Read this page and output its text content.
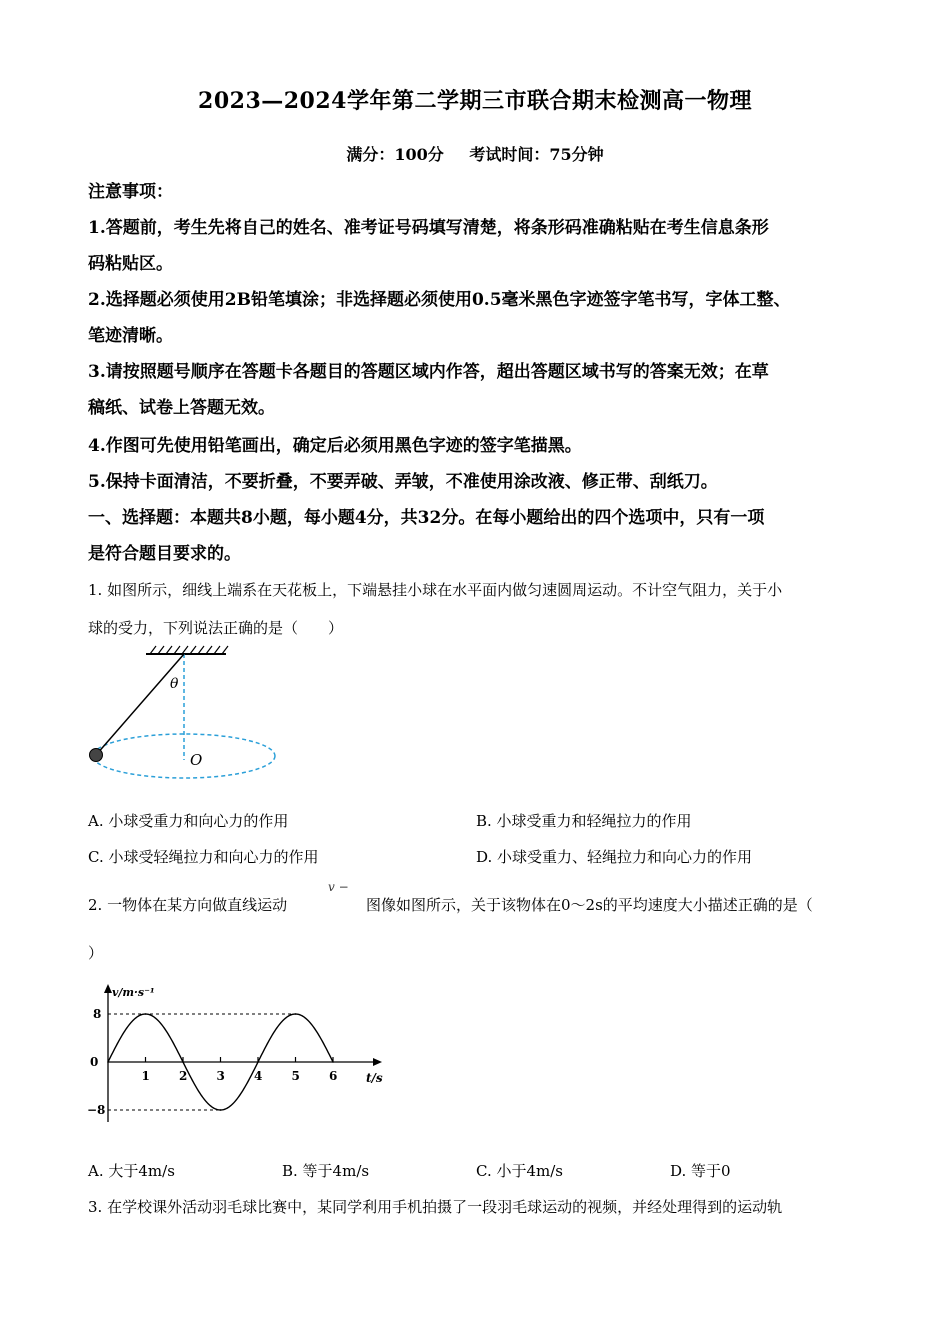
2023—2024学年第二学期三市联合期末检测高一物理
满分：100分 考试时间：75分钟
注意事项：
1.答题前，考生先将自己的姓名、准考证号码填写清楚，将条形码准确粘贴在考生信息条形
码粘贴区。
2.选择题必须使用2B铅笔填涂；非选择题必须使用0.5毫米黑色字迹签字笔书写，字体工整、
笔迹清晰。
3.请按照题号顺序在答题卡各题目的答题区域内作答，超出答题区域书写的答案无效；在草
稿纸、试卷上答题无效。
4.作图可先使用铅笔画出，确定后必须用黑色字迹的签字笔描黑。
5.保持卡面清洁，不要折叠，不要弄破、弄皱，不准使用涂改液、修正带、刮纸刀。
一、选择题：本题共8小题，每小题4分，共32分。在每小题给出的四个选项中，只有一项
是符合题目要求的。
1. 如图所示，细线上端系在天花板上，下端悬挂小球在水平面内做匀速圆周运动。不计空气阻力，关于小
球的受力，下列说法正确的是（　　）
θ
O
A. 小球受重力和向心力的作用	B. 小球受重力和轻绳拉力的作用
C. 小球受轻绳拉力和向心力的作用	D. 小球受重力、轻绳拉力和向心力的作用
2. 一物体在某方向做直线运动
v −
图像如图所示，关于该物体在0～2s的平均速度大小描述正确的是（
）
v/m·s⁻¹
t/s
0
8
−8
1 2 3 4 5 6
A. 大于4m/s	B. 等于4m/s	C. 小于4m/s	D. 等于0
3. 在学校课外活动羽毛球比赛中，某同学利用手机拍摄了一段羽毛球运动的视频，并经处理得到的运动轨
